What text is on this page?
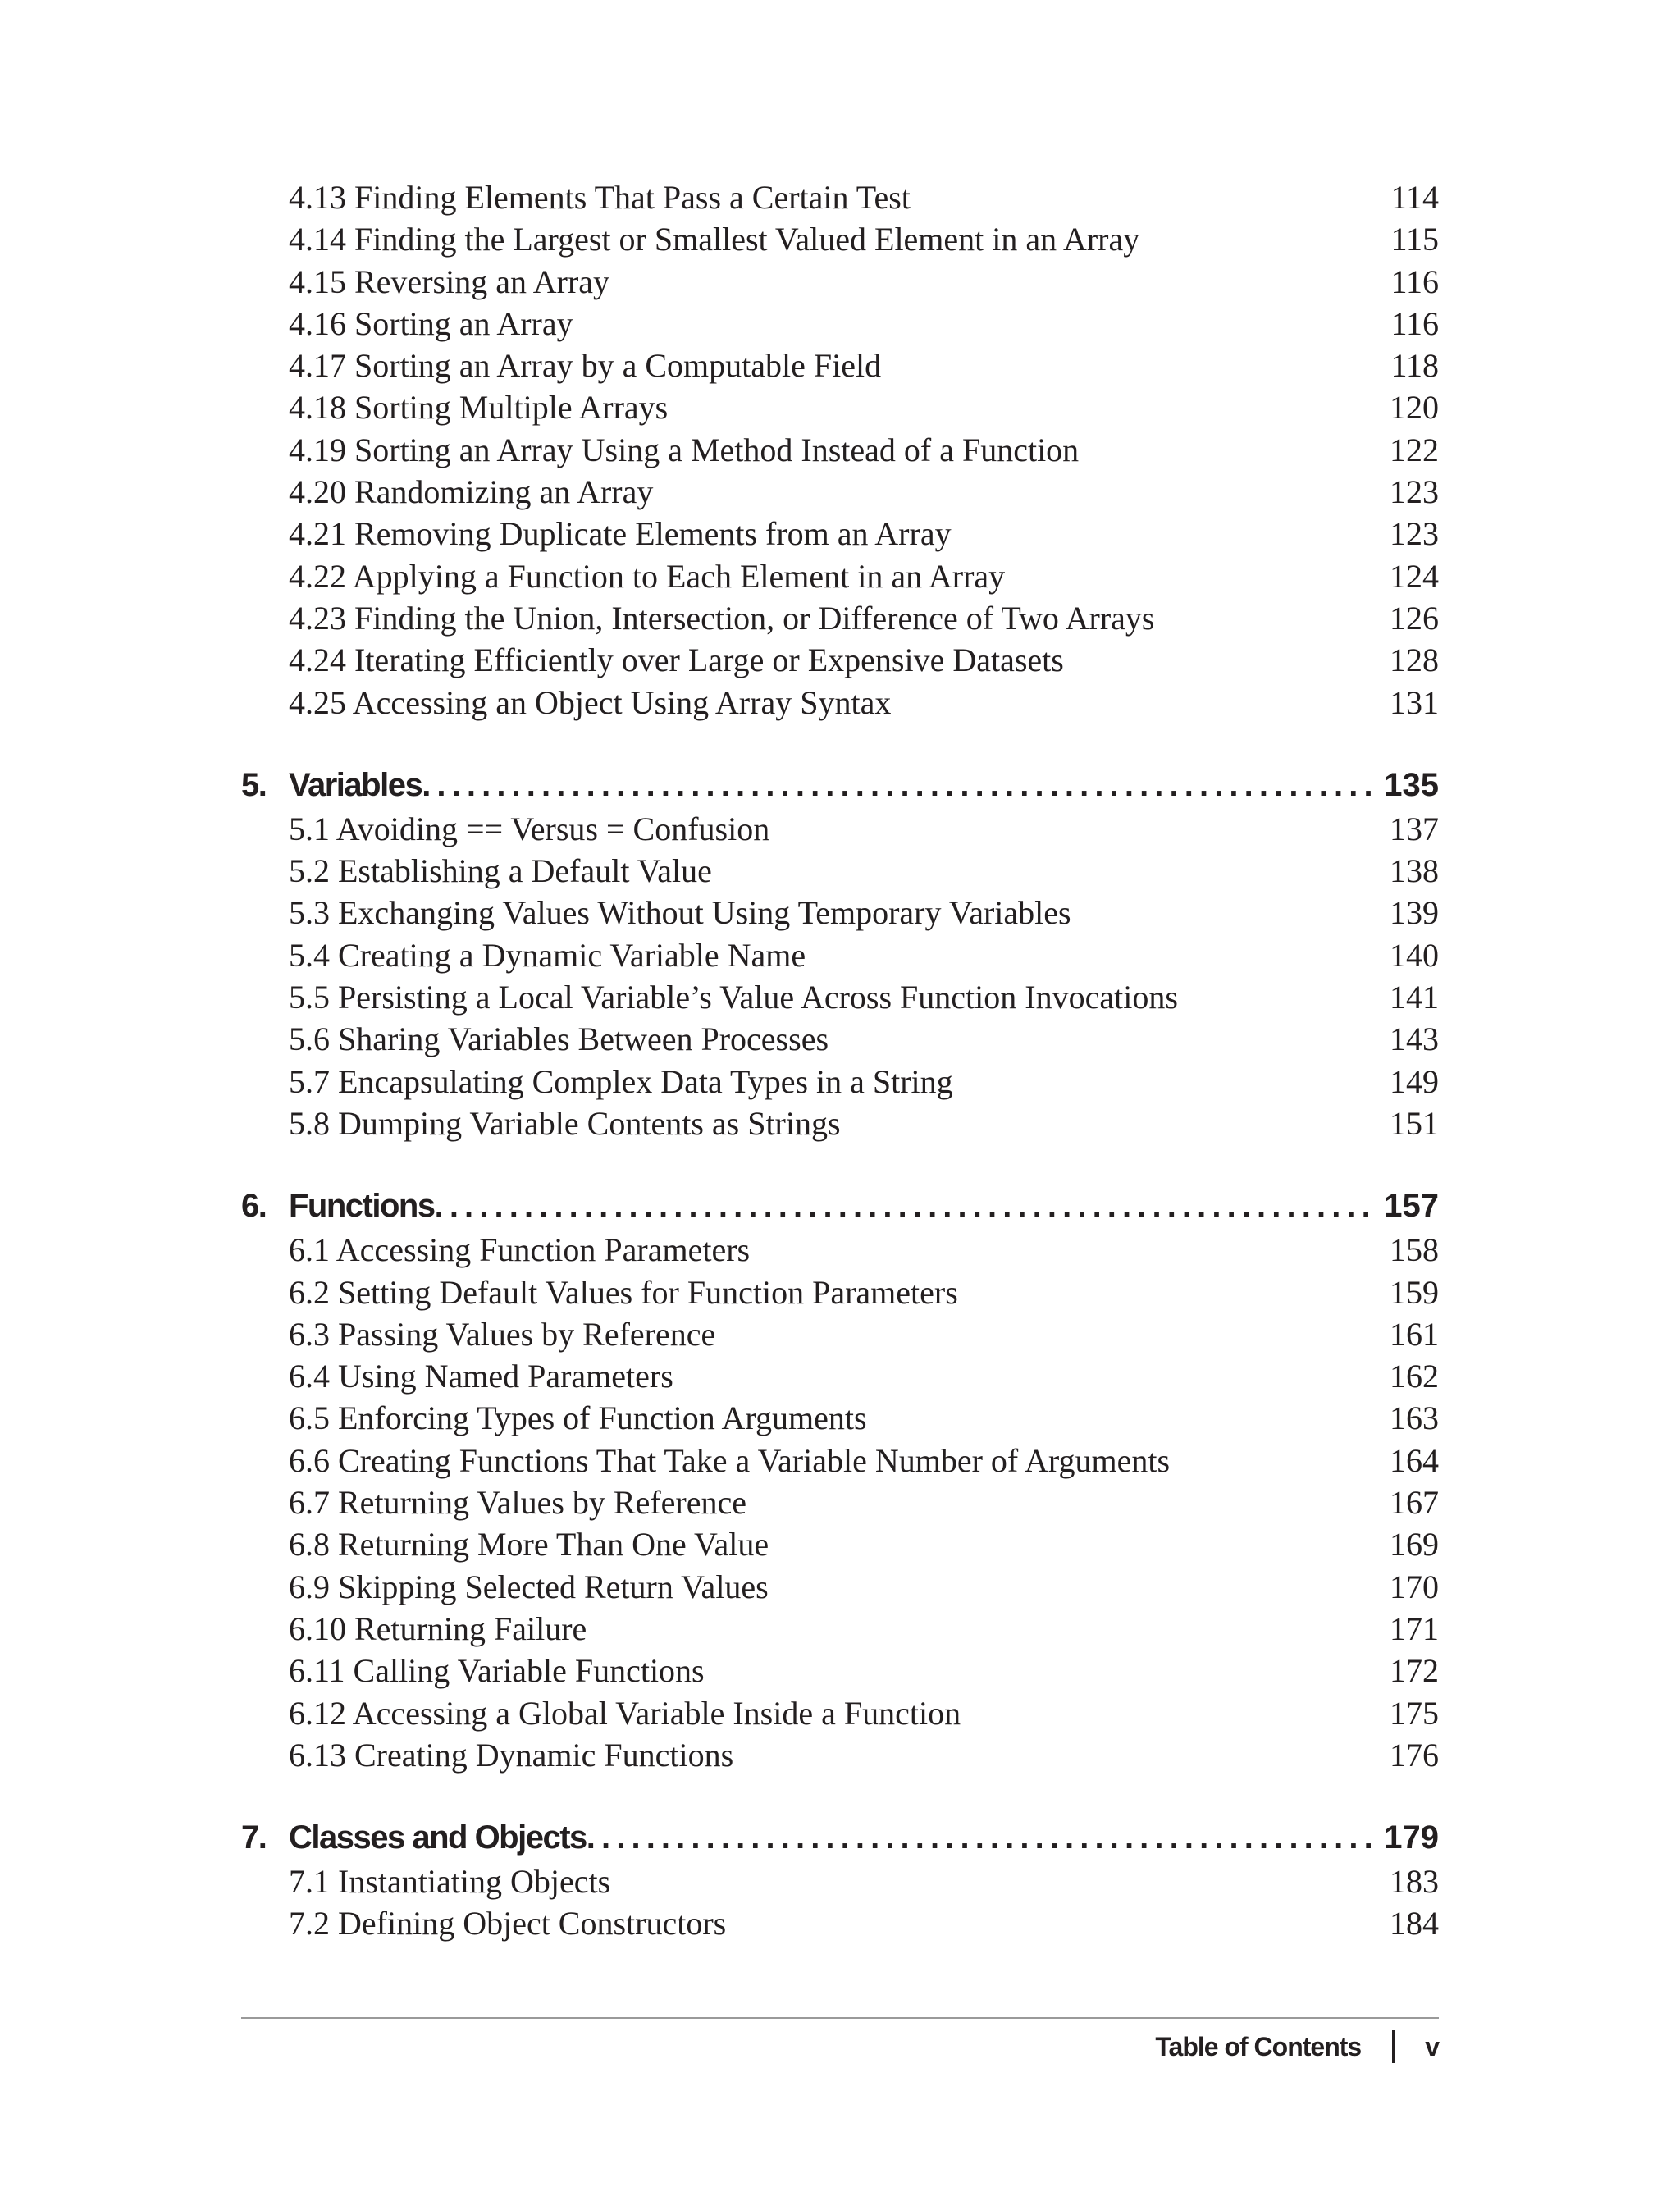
4.13 Finding Elements That Pass a Certain Test	114
4.14 Finding the Largest or Smallest Valued Element in an Array	115
4.15 Reversing an Array	116
4.16 Sorting an Array	116
4.17 Sorting an Array by a Computable Field	118
4.18 Sorting Multiple Arrays	120
4.19 Sorting an Array Using a Method Instead of a Function	122
4.20 Randomizing an Array	123
4.21 Removing Duplicate Elements from an Array	123
4.22 Applying a Function to Each Element in an Array	124
4.23 Finding the Union, Intersection, or Difference of Two Arrays	126
4.24 Iterating Efficiently over Large or Expensive Datasets	128
4.25 Accessing an Object Using Array Syntax	131
5. Variables . . .	135
5.1 Avoiding == Versus = Confusion	137
5.2 Establishing a Default Value	138
5.3 Exchanging Values Without Using Temporary Variables	139
5.4 Creating a Dynamic Variable Name	140
5.5 Persisting a Local Variable’s Value Across Function Invocations	141
5.6 Sharing Variables Between Processes	143
5.7 Encapsulating Complex Data Types in a String	149
5.8 Dumping Variable Contents as Strings	151
6. Functions . . .	157
6.1 Accessing Function Parameters	158
6.2 Setting Default Values for Function Parameters	159
6.3 Passing Values by Reference	161
6.4 Using Named Parameters	162
6.5 Enforcing Types of Function Arguments	163
6.6 Creating Functions That Take a Variable Number of Arguments	164
6.7 Returning Values by Reference	167
6.8 Returning More Than One Value	169
6.9 Skipping Selected Return Values	170
6.10 Returning Failure	171
6.11 Calling Variable Functions	172
6.12 Accessing a Global Variable Inside a Function	175
6.13 Creating Dynamic Functions	176
7. Classes and Objects . . .	179
7.1 Instantiating Objects	183
7.2 Defining Object Constructors	184
Table of Contents v
